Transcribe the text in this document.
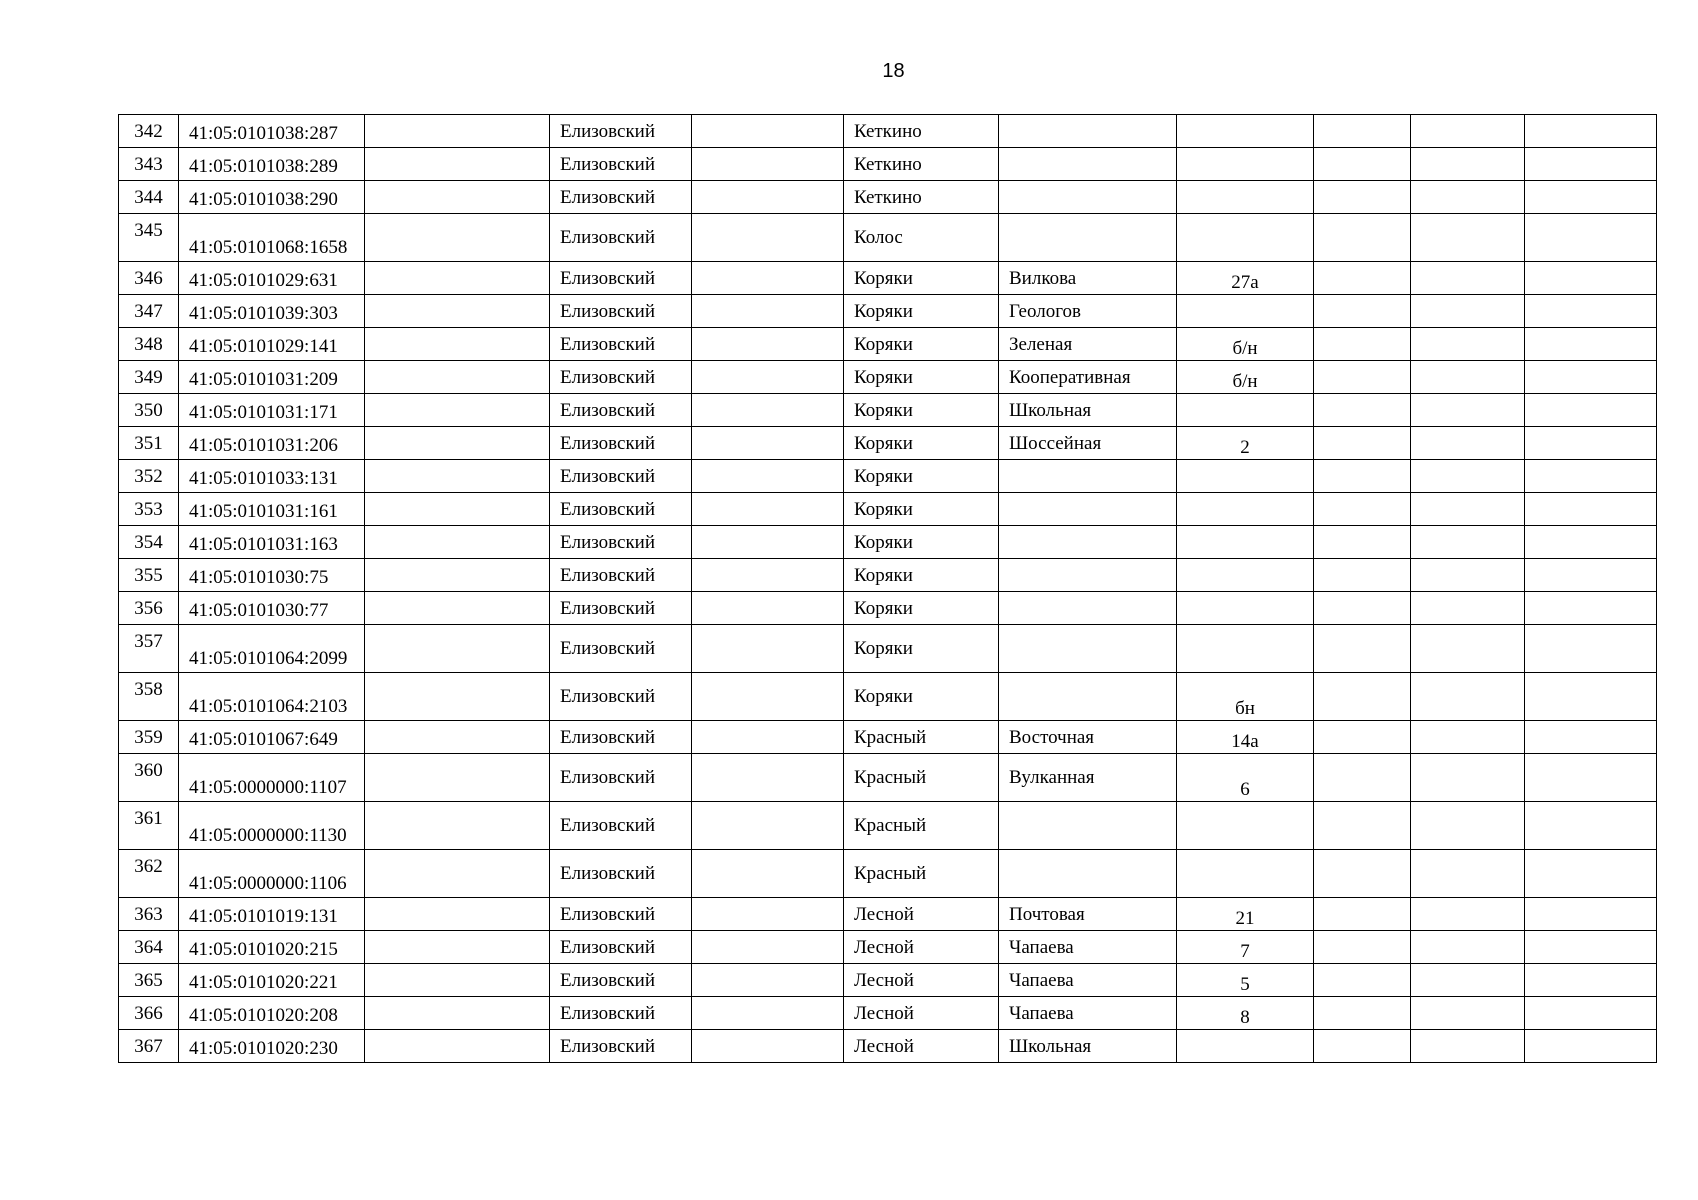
18
342	41:05:0101038:287		Елизовский		Кеткино					
343	41:05:0101038:289		Елизовский		Кеткино					
344	41:05:0101038:290		Елизовский		Кеткино					
345	41:05:0101068:1658		Елизовский		Колос					
346	41:05:0101029:631		Елизовский		Коряки	Вилкова	27а			
347	41:05:0101039:303		Елизовский		Коряки	Геологов				
348	41:05:0101029:141		Елизовский		Коряки	Зеленая	б/н			
349	41:05:0101031:209		Елизовский		Коряки	Кооперативная	б/н			
350	41:05:0101031:171		Елизовский		Коряки	Школьная				
351	41:05:0101031:206		Елизовский		Коряки	Шоссейная	2			
352	41:05:0101033:131		Елизовский		Коряки					
353	41:05:0101031:161		Елизовский		Коряки					
354	41:05:0101031:163		Елизовский		Коряки					
355	41:05:0101030:75		Елизовский		Коряки					
356	41:05:0101030:77		Елизовский		Коряки					
357	41:05:0101064:2099		Елизовский		Коряки					
358	41:05:0101064:2103		Елизовский		Коряки		бн			
359	41:05:0101067:649		Елизовский		Красный	Восточная	14а			
360	41:05:0000000:1107		Елизовский		Красный	Вулканная	6			
361	41:05:0000000:1130		Елизовский		Красный					
362	41:05:0000000:1106		Елизовский		Красный					
363	41:05:0101019:131		Елизовский		Лесной	Почтовая	21			
364	41:05:0101020:215		Елизовский		Лесной	Чапаева	7			
365	41:05:0101020:221		Елизовский		Лесной	Чапаева	5			
366	41:05:0101020:208		Елизовский		Лесной	Чапаева	8			
367	41:05:0101020:230		Елизовский		Лесной	Школьная				
